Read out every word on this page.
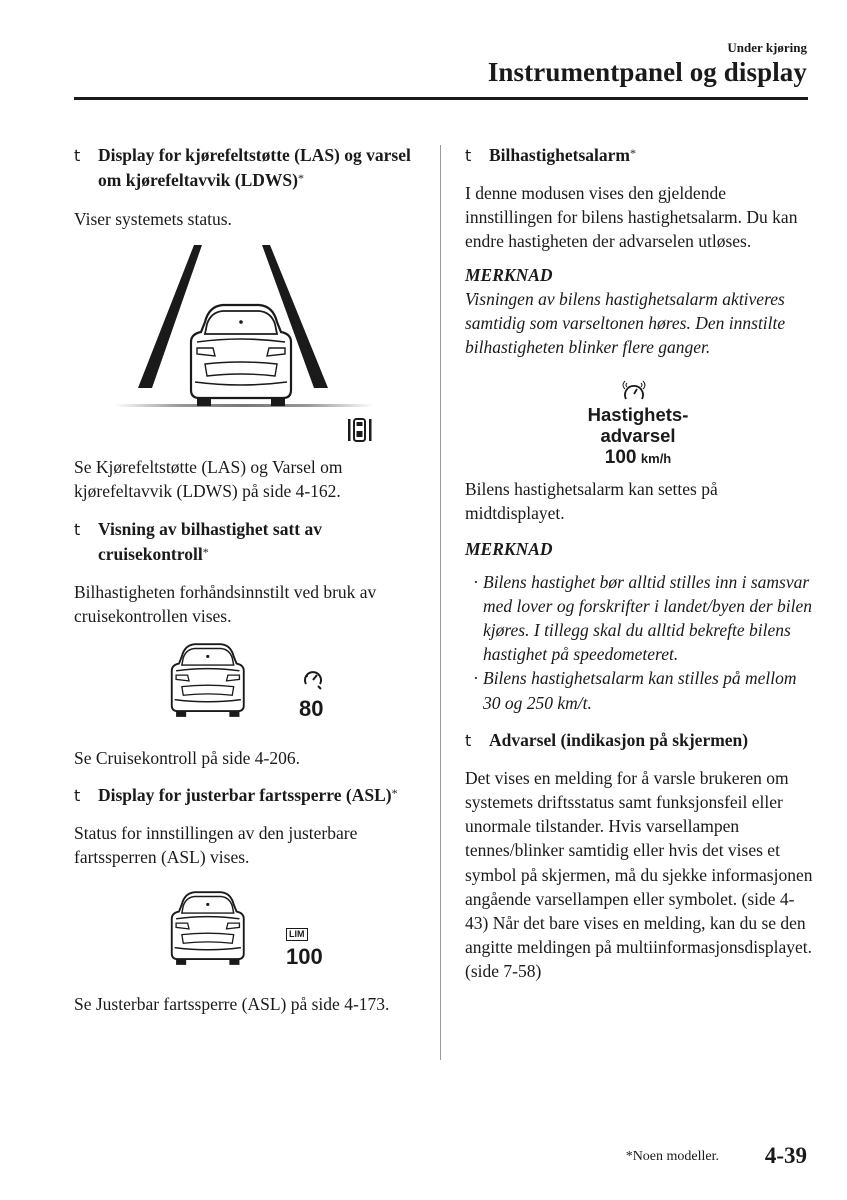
Under kjøring
Instrumentpanel og display
t Display for kjørefeltstøtte (LAS) og varsel om kjørefeltavvik (LDWS)*

Viser systemets status.

Se Kjørefeltstøtte (LAS) og Varsel om kjørefeltavvik (LDWS) på side 4-162.

t Visning av bilhastighet satt av cruisekontroll*

Bilhastigheten forhåndsinnstilt ved bruk av cruisekontrollen vises.

80

Se Cruisekontroll på side 4-206.

t Display for justerbar fartssperre (ASL)*

Status for innstillingen av den justerbare fartssperren (ASL) vises.

LIM
100

Se Justerbar fartssperre (ASL) på side 4-173.

t Bilhastighetsalarm*

I denne modusen vises den gjeldende innstillingen for bilens hastighetsalarm. Du kan endre hastigheten der advarselen utløses.

MERKNAD

Visningen av bilens hastighetsalarm aktiveres samtidig som varseltonen høres. Den innstilte bilhastigheten blinker flere ganger.

Hastighets-
advarsel
100 km/h

Bilens hastighetsalarm kan settes på midtdisplayet.

MERKNAD

· Bilens hastighet bør alltid stilles inn i samsvar med lover og forskrifter i landet/byen der bilen kjøres. I tillegg skal du alltid bekrefte bilens hastighet på speedometeret.
· Bilens hastighetsalarm kan stilles på mellom 30 og 250 km/t.
t Advarsel (indikasjon på skjermen)

Det vises en melding for å varsle brukeren om systemets driftsstatus samt funksjonsfeil eller unormale tilstander. Hvis varsellampen tennes/blinker samtidig eller hvis det vises et symbol på skjermen, må du sjekke informasjonen angående varsellampen eller symbolet. (side 4-43) Når det bare vises en melding, kan du se den angitte meldingen på multiinformasjonsdisplayet. (side 7-58)

*Noen modeller. 4-39
